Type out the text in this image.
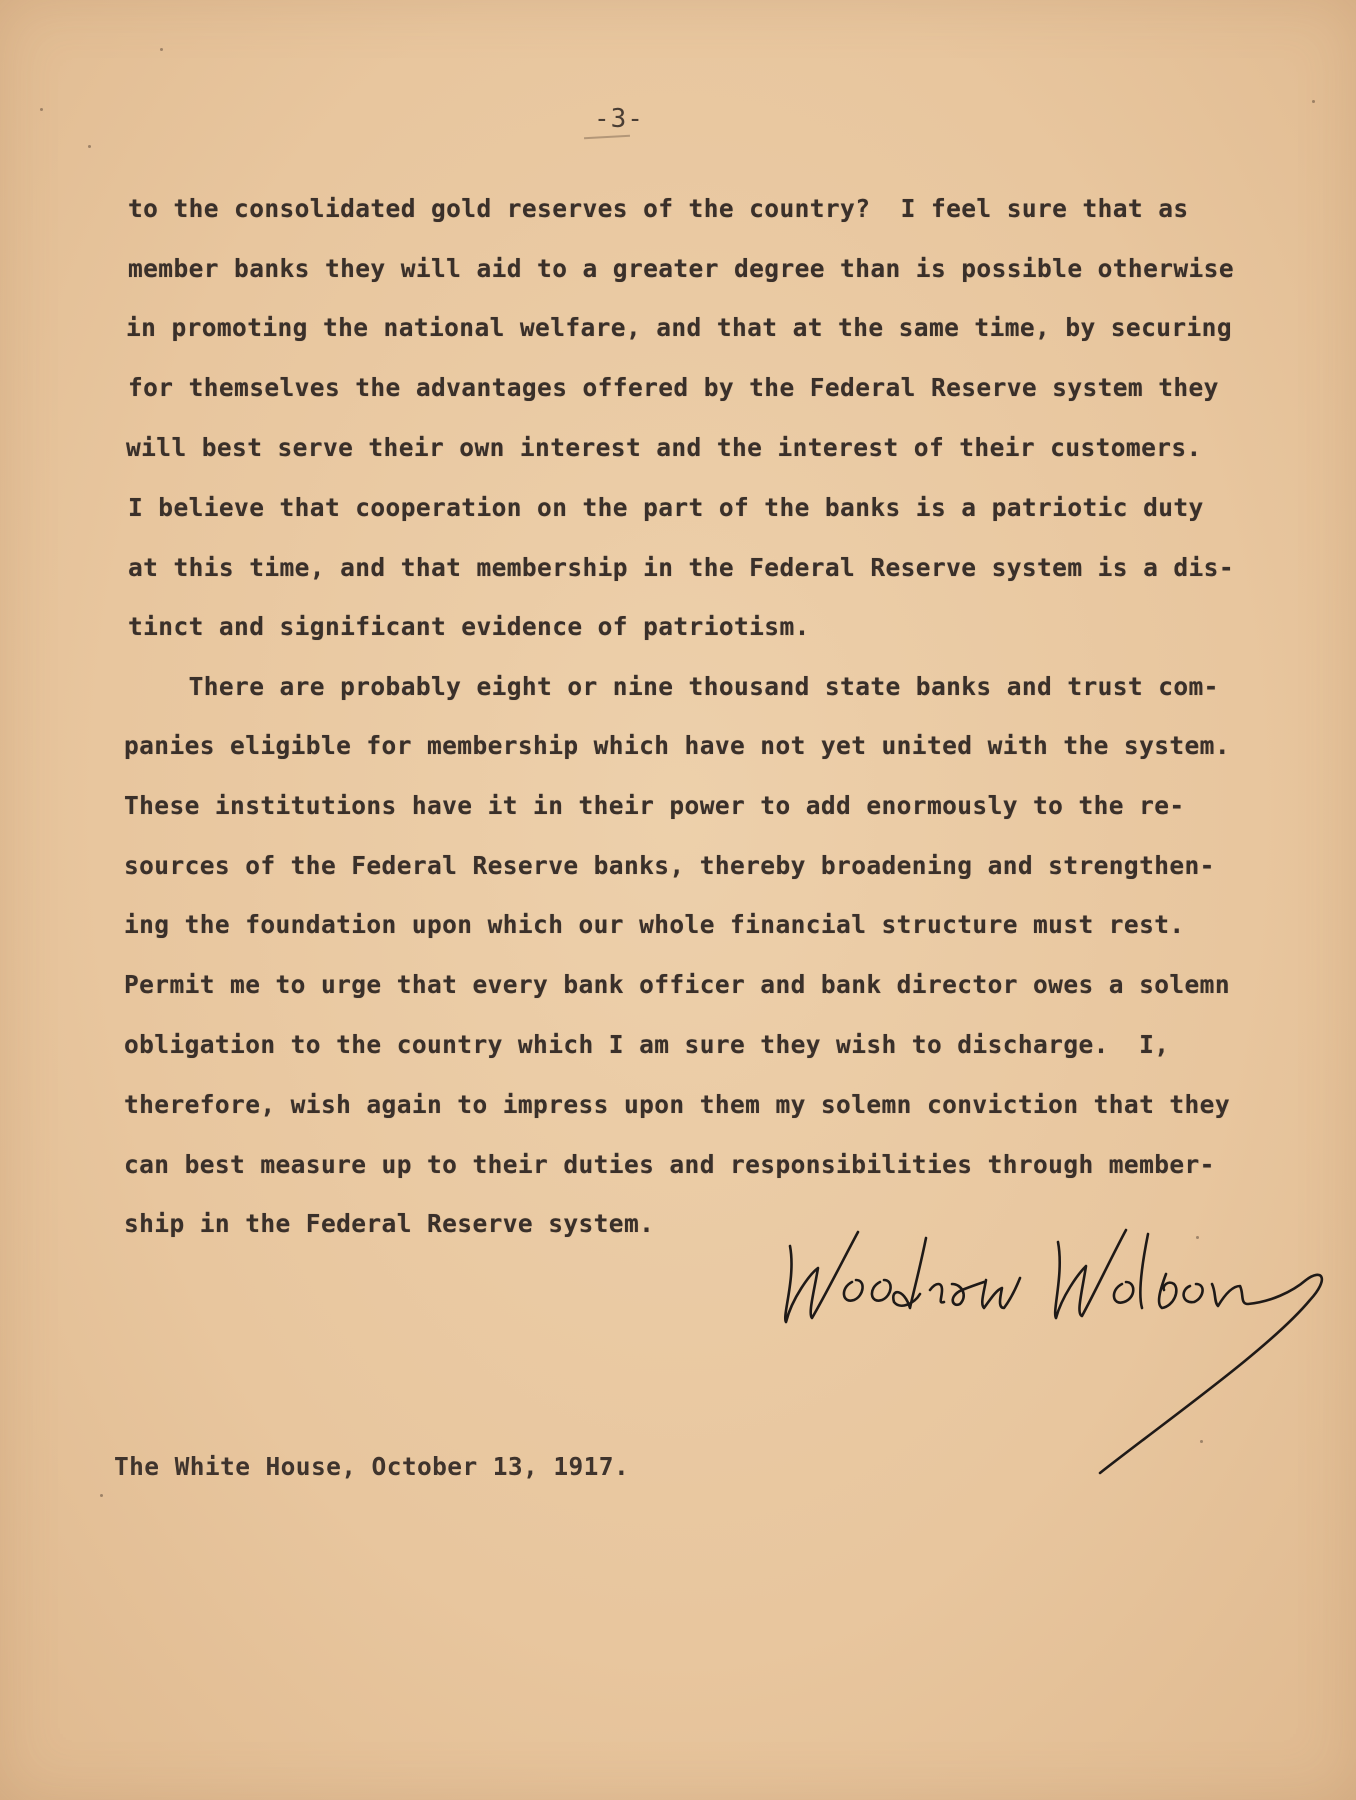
-3-
to the consolidated gold reserves of the country?  I feel sure that as
member banks they will aid to a greater degree than is possible otherwise
in promoting the national welfare, and that at the same time, by securing
for themselves the advantages offered by the Federal Reserve system they
will best serve their own interest and the interest of their customers.
I believe that cooperation on the part of the banks is a patriotic duty
at this time, and that membership in the Federal Reserve system is a dis-
tinct and significant evidence of patriotism.
There are probably eight or nine thousand state banks and trust com-
panies eligible for membership which have not yet united with the system.
These institutions have it in their power to add enormously to the re-
sources of the Federal Reserve banks, thereby broadening and strengthen-
ing the foundation upon which our whole financial structure must rest.
Permit me to urge that every bank officer and bank director owes a solemn
obligation to the country which I am sure they wish to discharge.  I,
therefore, wish again to impress upon them my solemn conviction that they
can best measure up to their duties and responsibilities through member-
ship in the Federal Reserve system.
The White House, October 13, 1917.
